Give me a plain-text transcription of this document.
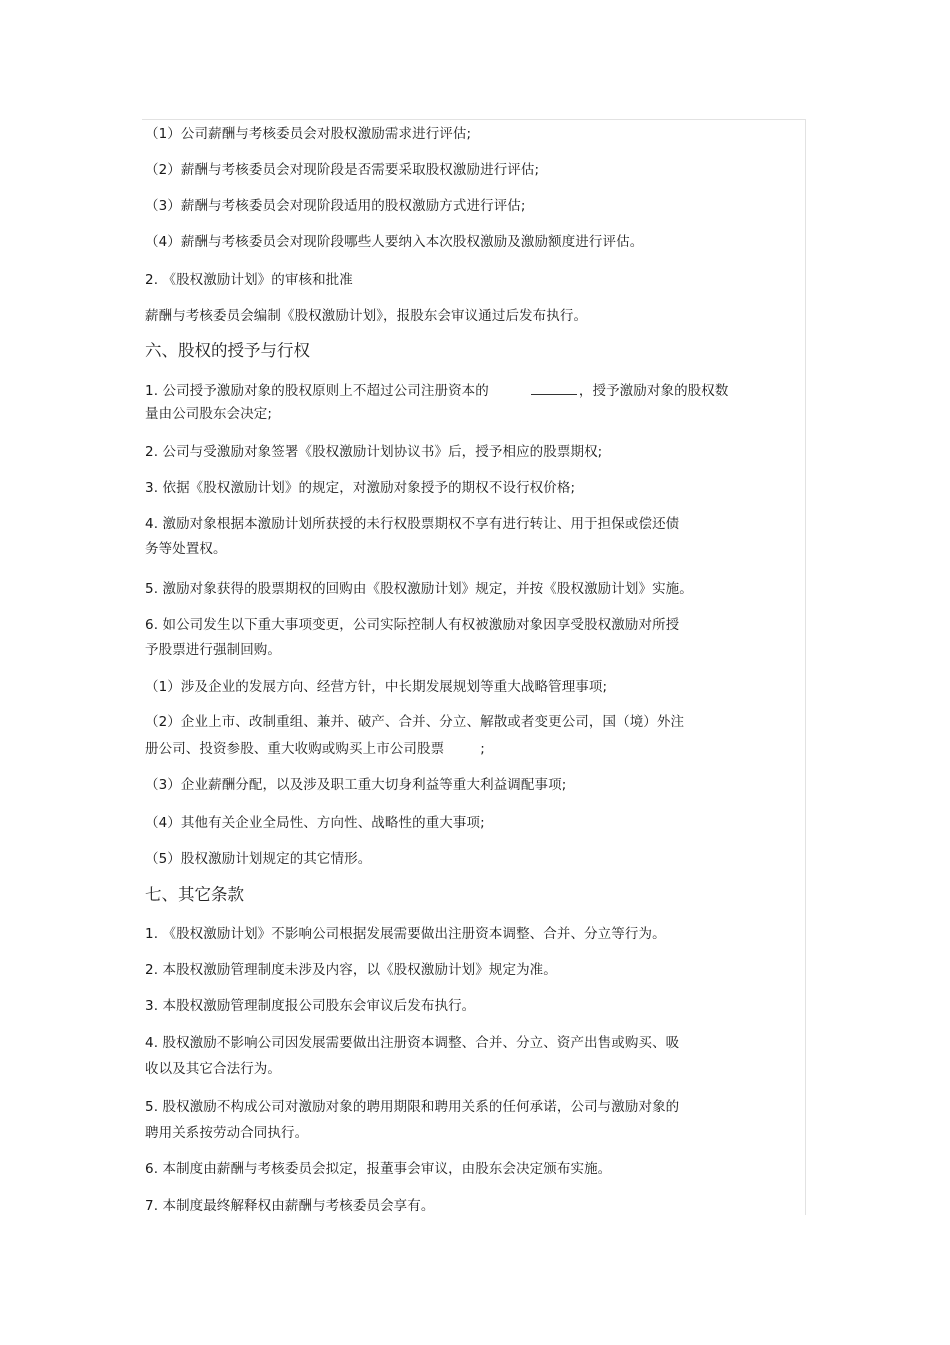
（1）公司薪酬与考核委员会对股权激励需求进行评估;
（2）薪酬与考核委员会对现阶段是否需要采取股权激励进行评估;
（3）薪酬与考核委员会对现阶段适用的股权激励方式进行评估;
（4）薪酬与考核委员会对现阶段哪些人要纳入本次股权激励及激励额度进行评估。
2. 《股权激励计划》的审核和批准
薪酬与考核委员会编制《股权激励计划》，报股东会审议通过后发布执行。
六、股权的授予与行权
1. 公司授予激励对象的股权原则上不超过公司注册资本的	，授予激励对象的股权数
量由公司股东会决定;
2. 公司与受激励对象签署《股权激励计划协议书》后，授予相应的股票期权;
3. 依据《股权激励计划》的规定，对激励对象授予的期权不设行权价格;
4. 激励对象根据本激励计划所获授的未行权股票期权不享有进行转让、用于担保或偿还债
务等处置权。
5. 激励对象获得的股票期权的回购由《股权激励计划》规定，并按《股权激励计划》实施。
6. 如公司发生以下重大事项变更，公司实际控制人有权被激励对象因享受股权激励对所授
予股票进行强制回购。
（1）涉及企业的发展方向、经营方针，中长期发展规划等重大战略管理事项;
（2）企业上市、改制重组、兼并、破产、合并、分立、解散或者变更公司，国（境）外注
册公司、投资参股、重大收购或购买上市公司股票	;
（3）企业薪酬分配，以及涉及职工重大切身利益等重大利益调配事项;
（4）其他有关企业全局性、方向性、战略性的重大事项;
（5）股权激励计划规定的其它情形。
七、其它条款
1. 《股权激励计划》不影响公司根据发展需要做出注册资本调整、合并、分立等行为。
2. 本股权激励管理制度未涉及内容，以《股权激励计划》规定为准。
3. 本股权激励管理制度报公司股东会审议后发布执行。
4. 股权激励不影响公司因发展需要做出注册资本调整、合并、分立、资产出售或购买、吸
收以及其它合法行为。
5. 股权激励不构成公司对激励对象的聘用期限和聘用关系的任何承诺，公司与激励对象的
聘用关系按劳动合同执行。
6. 本制度由薪酬与考核委员会拟定，报董事会审议，由股东会决定颁布实施。
7. 本制度最终解释权由薪酬与考核委员会享有。
